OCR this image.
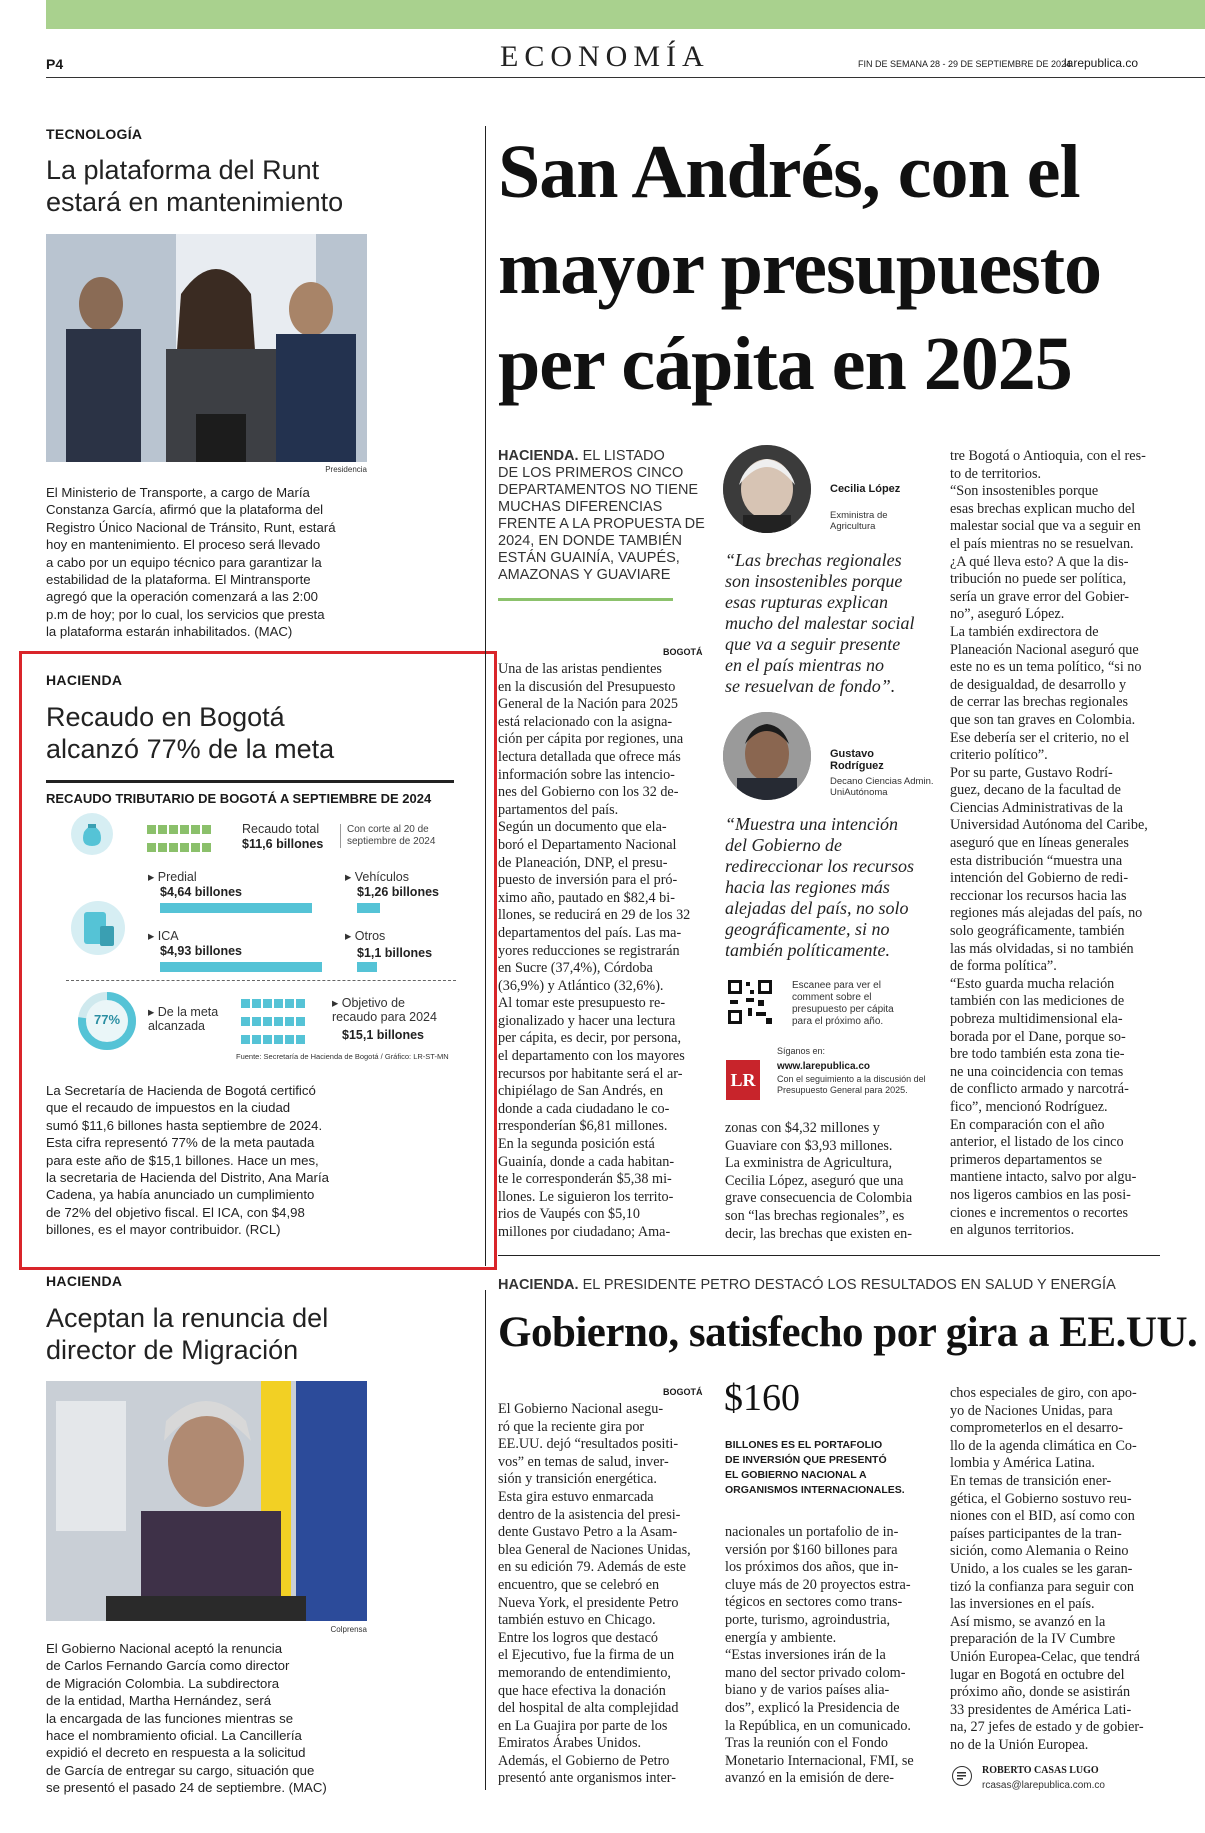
P4	ECONOMÍA	FIN DE SEMANA 28 - 29 DE SEPTIEMBRE DE 2024
larepublica.co
TECNOLOGÍA
La plataforma del Runt estará en mantenimiento
Presidencia
El Ministerio de Transporte, a cargo de María
Constanza García, afirmó que la plataforma del
Registro Único Nacional de Tránsito, Runt, estará
hoy en mantenimiento. El proceso será llevado
a cabo por un equipo técnico para garantizar la
estabilidad de la plataforma. El Mintransporte
agregó que la operación comenzará a las 2:00
p.m de hoy; por lo cual, los servicios que presta
la plataforma estarán inhabilitados. (MAC)
HACIENDA
Recaudo en Bogotá alcanzó 77% de la meta
RECAUDO TRIBUTARIO DE BOGOTÁ A SEPTIEMBRE DE 2024

Recaudo total
$11,6 billones
Con corte al 20 de septiembre de 2024
▸ Predial
$4,64 billones
▸ Vehículos
$1,26 billones
▸ ICA
$4,93 billones
▸ Otros
$1,1 billones
77%	▸ De la meta alcanzada

▸ Objetivo de recaudo para 2024
$15,1 billones
Fuente: Secretaría de Hacienda de Bogotá / Gráfico: LR-ST-MN
La Secretaría de Hacienda de Bogotá certificó
que el recaudo de impuestos en la ciudad
sumó $11,6 billones hasta septiembre de 2024.
Esta cifra representó 77% de la meta pautada
para este año de $15,1 billones. Hace un mes,
la secretaria de Hacienda del Distrito, Ana María
Cadena, ya había anunciado un cumplimiento
de 72% del objetivo fiscal. El ICA, con $4,98
billones, es el mayor contribuidor. (RCL)
HACIENDA
Aceptan la renuncia del director de Migración
Colprensa
El Gobierno Nacional aceptó la renuncia
de Carlos Fernando García como director
de Migración Colombia. La subdirectora
de la entidad, Martha Hernández, será
la encargada de las funciones mientras se
hace el nombramiento oficial. La Cancillería
expidió el decreto en respuesta a la solicitud
de García de entregar su cargo, situación que
se presentó el pasado 24 de septiembre. (MAC)
San Andrés, con el
mayor presupuesto
per cápita en 2025
HACIENDA. EL LISTADO
DE LOS PRIMEROS CINCO
DEPARTAMENTOS NO TIENE
MUCHAS DIFERENCIAS
FRENTE A LA PROPUESTA DE
2024, EN DONDE TAMBIÉN
ESTÁN GUAINÍA, VAUPÉS,
AMAZONAS Y GUAVIARE
BOGOTÁ
Una de las aristas pendientes
en la discusión del Presupuesto
General de la Nación para 2025
está relacionado con la asigna-
ción per cápita por regiones, una
lectura detallada que ofrece más
información sobre las intencio-
nes del Gobierno con los 32 de-
partamentos del país.
Según un documento que ela-
boró el Departamento Nacional
de Planeación, DNP, el presu-
puesto de inversión para el pró-
ximo año, pautado en $82,4 bi-
llones, se reducirá en 29 de los 32
departamentos del país. Las ma-
yores reducciones se registrarán
en Sucre (37,4%), Córdoba
(36,9%) y Atlántico (32,6%).
Al tomar este presupuesto re-
gionalizado y hacer una lectura
per cápita, es decir, por persona,
el departamento con los mayores
recursos por habitante será el ar-
chipiélago de San Andrés, en
donde a cada ciudadano le co-
rresponderían $6,81 millones.
En la segunda posición está
Guainía, donde a cada habitan-
te le corresponderán $5,38 mi-
llones. Le siguieron los territo-
rios de Vaupés con $5,10
millones por ciudadano; Ama-
Cecilia López
Exministra de Agricultura
“Las brechas regionales
son insostenibles porque
esas rupturas explican
mucho del malestar social
que va a seguir presente
en el país mientras no
se resuelvan de fondo”.
Gustavo Rodríguez
Decano Ciencias Admin. UniAutónoma
“Muestra una intención
del Gobierno de
redireccionar los recursos
hacia las regiones más
alejadas del país, no solo
geográficamente, si no
también políticamente.
Escanee para ver el comment sobre el presupuesto per cápita para el próximo año.
Síganos en:
LR
www.larepublica.co
Con el seguimiento a la discusión del Presupuesto General para 2025.
zonas con $4,32 millones y
Guaviare con $3,93 millones.
La exministra de Agricultura,
Cecilia López, aseguró que una
grave consecuencia de Colombia
son “las brechas regionales”, es
decir, las brechas que existen en-
tre Bogotá o Antioquia, con el res-
to de territorios.
“Son insostenibles porque
esas brechas explican mucho del
malestar social que va a seguir en
el país mientras no se resuelvan.
¿A qué lleva esto? A que la dis-
tribución no puede ser política,
sería un grave error del Gobier-
no”, aseguró López.
La también exdirectora de
Planeación Nacional aseguró que
este no es un tema político, “si no
de desigualdad, de desarrollo y
de cerrar las brechas regionales
que son tan graves en Colombia.
Ese debería ser el criterio, no el
criterio político”.
Por su parte, Gustavo Rodrí-
guez, decano de la facultad de
Ciencias Administrativas de la
Universidad Autónoma del Caribe,
aseguró que en líneas generales
esta distribución “muestra una
intención del Gobierno de redi-
reccionar los recursos hacia las
regiones más alejadas del país, no
solo geográficamente, también
las más olvidadas, si no también
de forma política”.
“Esto guarda mucha relación
también con las mediciones de
pobreza multidimensional ela-
borada por el Dane, porque so-
bre todo también esta zona tie-
ne una coincidencia con temas
de conflicto armado y narcotrá-
fico”, mencionó Rodríguez.
En comparación con el año
anterior, el listado de los cinco
primeros departamentos se
mantiene intacto, salvo por algu-
nos ligeros cambios en las posi-
ciones e incrementos o recortes
en algunos territorios.
HACIENDA. EL PRESIDENTE PETRO DESTACÓ LOS RESULTADOS EN SALUD Y ENERGÍA
Gobierno, satisfecho por gira a EE.UU.
BOGOTÁ
El Gobierno Nacional asegu-
ró que la reciente gira por
EE.UU. dejó “resultados positi-
vos” en temas de salud, inver-
sión y transición energética.
Esta gira estuvo enmarcada
dentro de la asistencia del presi-
dente Gustavo Petro a la Asam-
blea General de Naciones Unidas,
en su edición 79. Además de este
encuentro, que se celebró en
Nueva York, el presidente Petro
también estuvo en Chicago.
Entre los logros que destacó
el Ejecutivo, fue la firma de un
memorando de entendimiento,
que hace efectiva la donación
del hospital de alta complejidad
en La Guajira por parte de los
Emiratos Árabes Unidos.
Además, el Gobierno de Petro
presentó ante organismos inter-
$160
BILLONES ES EL PORTAFOLIO
DE INVERSIÓN QUE PRESENTÓ
EL GOBIERNO NACIONAL A
ORGANISMOS INTERNACIONALES.
nacionales un portafolio de in-
versión por $160 billones para
los próximos dos años, que in-
cluye más de 20 proyectos estra-
tégicos en sectores como trans-
porte, turismo, agroindustria,
energía y ambiente.
“Estas inversiones irán de la
mano del sector privado colom-
biano y de varios países alia-
dos”, explicó la Presidencia de
la República, en un comunicado.
Tras la reunión con el Fondo
Monetario Internacional, FMI, se
avanzó en la emisión de dere-
chos especiales de giro, con apo-
yo de Naciones Unidas, para
comprometerlos en el desarro-
llo de la agenda climática en Co-
lombia y América Latina.
En temas de transición ener-
gética, el Gobierno sostuvo reu-
niones con el BID, así como con
países participantes de la tran-
sición, como Alemania o Reino
Unido, a los cuales se les garan-
tizó la confianza para seguir con
las inversiones en el país.
Así mismo, se avanzó en la
preparación de la IV Cumbre
Unión Europea-Celac, que tendrá
lugar en Bogotá en octubre del
próximo año, donde se asistirán
33 presidentes de América Lati-
na, 27 jefes de estado y de gobier-
no de la Unión Europea.
ROBERTO CASAS LUGO
rcasas@larepublica.com.co
